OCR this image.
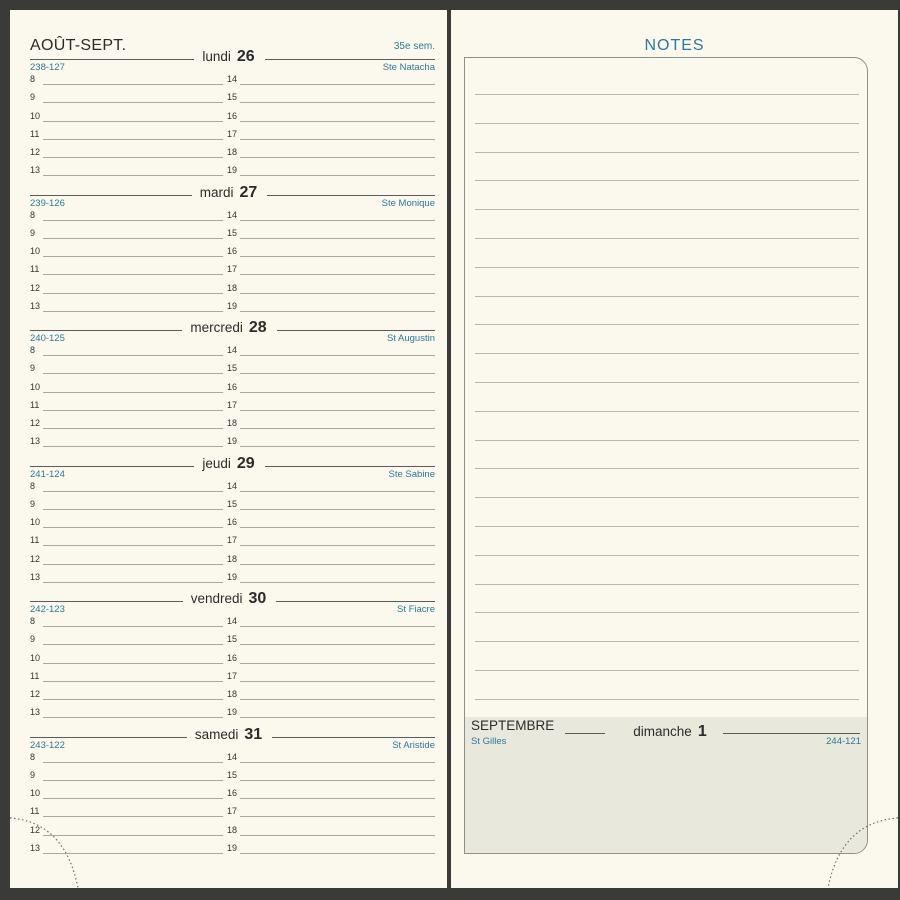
AOÛT-SEPT.	35e sem.
lundi 26
238-127	Ste Natacha
8	14
9	15
10	16
11	17
12	18
13	19
mardi 27
239-126	Ste Monique
8	14
9	15
10	16
11	17
12	18
13	19
mercredi 28
240-125	St Augustin
8	14
9	15
10	16
11	17
12	18
13	19
jeudi 29
241-124	Ste Sabine
8	14
9	15
10	16
11	17
12	18
13	19
vendredi 30
242-123	St Fiacre
8	14
9	15
10	16
11	17
12	18
13	19
samedi 31
243-122	St Aristide
8	14
9	15
10	16
11	17
12	18
13	19
NOTES
SEPTEMBRE	dimanche 1
St Gilles	244-121
